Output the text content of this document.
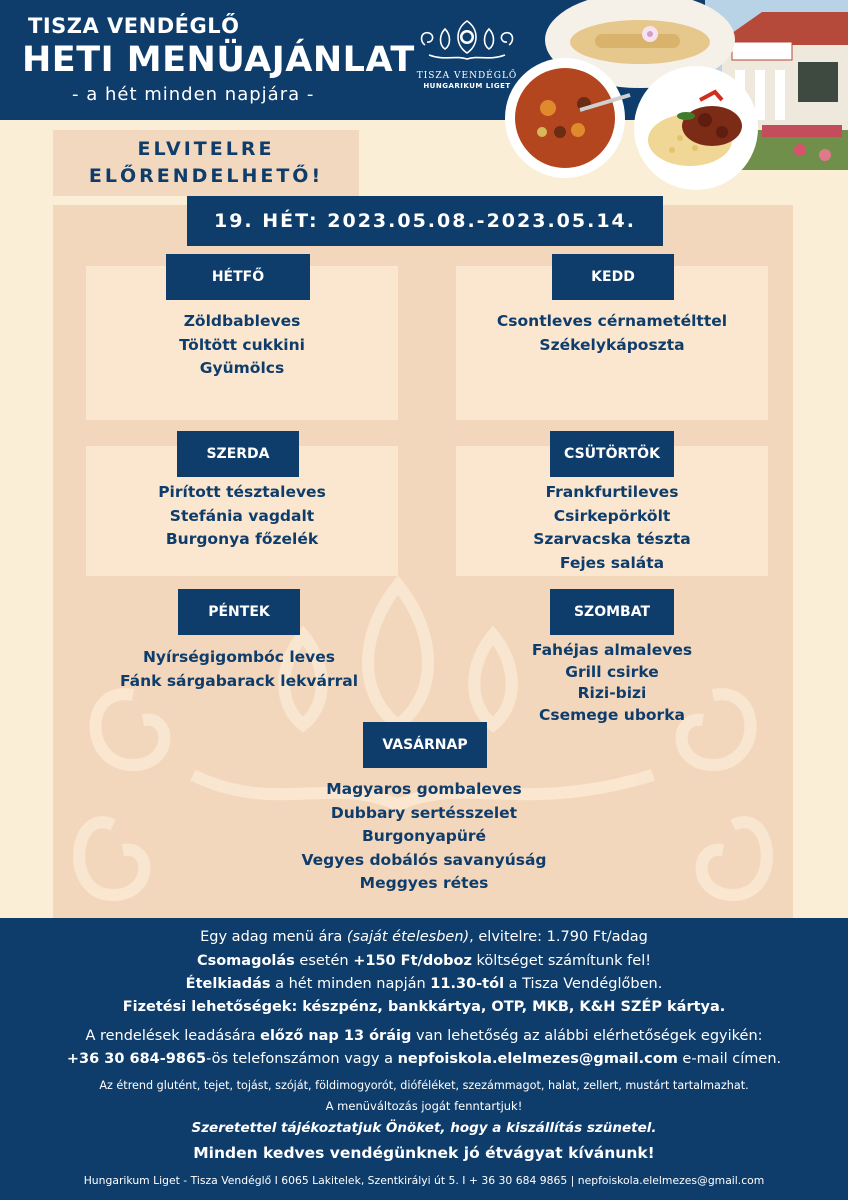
TISZA VENDÉGLŐ
HETI MENÜAJÁNLAT
- a hét minden napjára -
TISZA VENDÉGLŐ
HUNGARIKUM LIGET
ELVITELRE
ELŐRENDELHETŐ!
19. HÉT: 2023.05.08.-2023.05.14.
HÉTFŐ
Zöldbableves
Töltött cukkini
Gyümölcs
KEDD
Csontleves cérnametélttel
Székelykáposzta
SZERDA
Pirított tésztaleves
Stefánia vagdalt
Burgonya főzelék
CSÜTÖRTÖK
Frankfurtileves
Csirkepörkölt
Szarvacska tészta
Fejes saláta
PÉNTEK
Nyírségigombóc leves
Fánk sárgabarack lekvárral
SZOMBAT
Fahéjas almaleves
Grill csirke
Rizi-bizi
Csemege uborka
VASÁRNAP
Magyaros gombaleves
Dubbary sertésszelet
Burgonyapüré
Vegyes dobálós savanyúság
Meggyes rétes
Egy adag menü ára (saját ételesben), elvitelre: 1.790 Ft/adag
Csomagolás esetén +150 Ft/doboz költséget számítunk fel!
Ételkiadás a hét minden napján 11.30-tól a Tisza Vendéglőben.
Fizetési lehetőségek: készpénz, bankkártya, OTP, MKB, K&H SZÉP kártya.
A rendelések leadására előző nap 13 óráig van lehetőség az alábbi elérhetőségek egyikén:
+36 30 684-9865-ös telefonszámon vagy a nepfoiskola.elelmezes@gmail.com e-mail címen.
Az étrend glutént, tejet, tojást, szóját, földimogyorót, dióféléket, szezámmagot, halat, zellert, mustárt tartalmazhat.
A menüváltozás jogát fenntartjuk!
Szeretettel tájékoztatjuk Önöket, hogy a kiszállítás szünetel.
Minden kedves vendégünknek jó étvágyat kívánunk!
Hungarikum Liget - Tisza Vendéglő I 6065 Lakitelek, Szentkirályi út 5. I + 36 30 684 9865 | nepfoiskola.elelmezes@gmail.com
